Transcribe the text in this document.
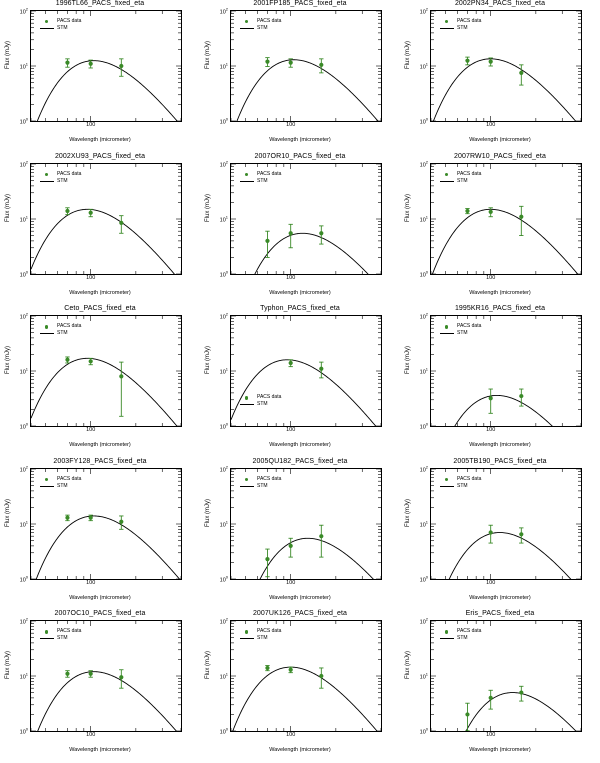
1996TL66_PACS_fixed_eta
PACS data
STM
100
$10^0$
$10^1$
$10^2$
Wavelength (micrometer)
Flux (mJy)
2001FP185_PACS_fixed_eta
PACS data
STM
100
$10^0$
$10^1$
$10^2$
Wavelength (micrometer)
Flux (mJy)
2002PN34_PACS_fixed_eta
PACS data
STM
100
$10^0$
$10^1$
$10^2$
Wavelength (micrometer)
Flux (mJy)
2002XU93_PACS_fixed_eta
PACS data
STM
100
$10^0$
$10^1$
$10^2$
Wavelength (micrometer)
Flux (mJy)
2007OR10_PACS_fixed_eta
PACS data
STM
100
$10^0$
$10^1$
$10^2$
Wavelength (micrometer)
Flux (mJy)
2007RW10_PACS_fixed_eta
PACS data
STM
100
$10^0$
$10^1$
$10^2$
Wavelength (micrometer)
Flux (mJy)
Ceto_PACS_fixed_eta
PACS data
STM
100
$10^0$
$10^1$
$10^2$
Wavelength (micrometer)
Flux (mJy)
Typhon_PACS_fixed_eta
PACS data
STM
100
$10^0$
$10^1$
$10^2$
Wavelength (micrometer)
Flux (mJy)
1995KR16_PACS_fixed_eta
PACS data
STM
100
$10^0$
$10^1$
$10^2$
Wavelength (micrometer)
Flux (mJy)
2003FY128_PACS_fixed_eta
PACS data
STM
100
$10^0$
$10^1$
$10^2$
Wavelength (micrometer)
Flux (mJy)
2005QU182_PACS_fixed_eta
PACS data
STM
100
$10^0$
$10^1$
$10^2$
Wavelength (micrometer)
Flux (mJy)
2005TB190_PACS_fixed_eta
PACS data
STM
100
$10^0$
$10^1$
$10^2$
Wavelength (micrometer)
Flux (mJy)
2007OC10_PACS_fixed_eta
PACS data
STM
100
$10^0$
$10^1$
$10^2$
Wavelength (micrometer)
Flux (mJy)
2007UK126_PACS_fixed_eta
PACS data
STM
100
$10^0$
$10^1$
$10^2$
Wavelength (micrometer)
Flux (mJy)
Eris_PACS_fixed_eta
PACS data
STM
100
$10^0$
$10^1$
$10^2$
Wavelength (micrometer)
Flux (mJy)
